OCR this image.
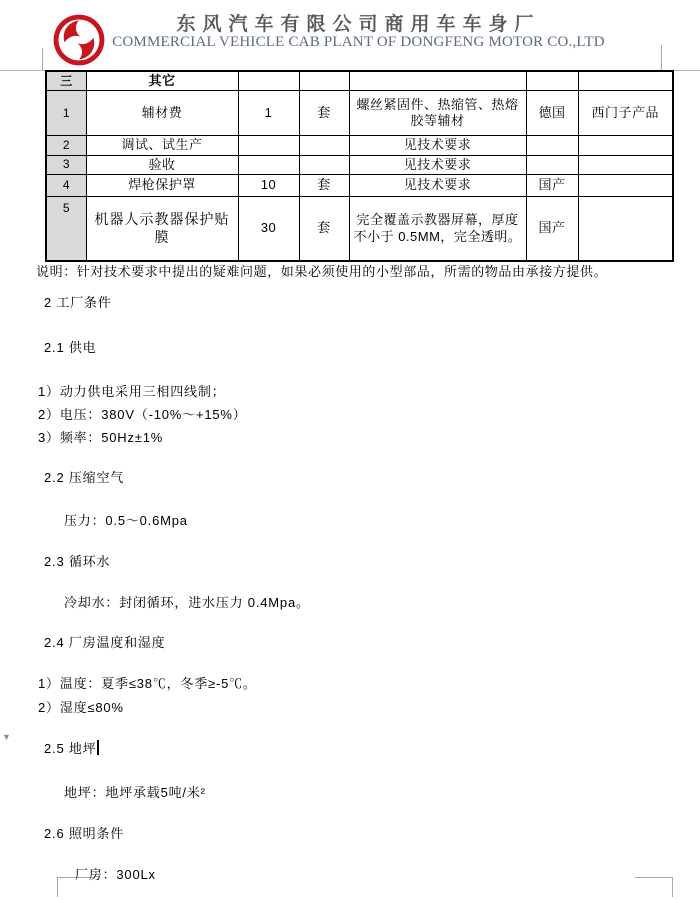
东风汽车有限公司商用车车身厂
COMMERCIAL VEHICLE CAB PLANT OF DONGFENG MOTOR CO.,LTD
三	其它					
1	辅材费	1	套	螺丝紧固件、热缩管、热熔胶等辅材	德国	西门子产品
2	调试、试生产			见技术要求		
3	验收			见技术要求		
4	焊枪保护罩	10	套	见技术要求	国产	
5	机器人示教器保护贴膜	30	套	完全覆盖示教器屏幕，厚度不小于 0.5MM，完全透明。	国产	
说明：针对技术要求中提出的疑难问题，如果必须使用的小型部品，所需的物品由承接方提供。
2 工厂条件
2.1 供电
1）动力供电采用三相四线制；
2）电压：380V（-10%～+15%）
3）频率：50Hz±1%
2.2 压缩空气
压力：0.5～0.6Mpa
2.3 循环水
冷却水：封闭循环，进水压力 0.4Mpa。
2.4 厂房温度和湿度
1）温度：夏季≤38℃，冬季≥-5℃。
2）湿度≤80%
2.5 地坪
地坪：地坪承载5吨/米²
2.6 照明条件
厂房：300Lx
▼
